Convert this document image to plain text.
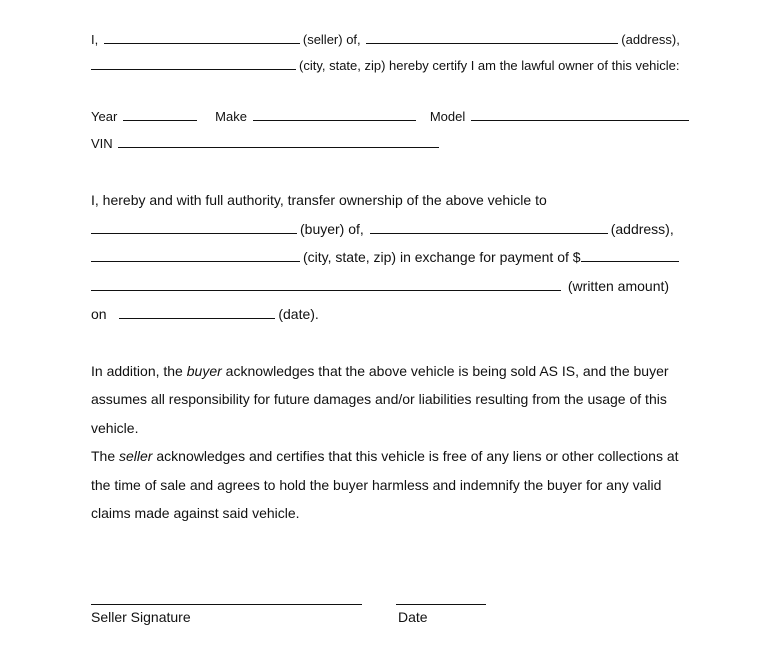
I,	(seller) of,	(address),
(city, state, zip) hereby certify I am the lawful owner of this vehicle:
Year	Make	Model
VIN
I, hereby and with full authority, transfer ownership of the above vehicle to
(buyer) of,	(address),
(city, state, zip) in exchange for payment of $
(written amount)
on	(date).
In addition, the buyer acknowledges that the above vehicle is being sold AS IS, and the buyer
assumes all responsibility for future damages and/or liabilities resulting from the usage of this
vehicle.
The seller acknowledges and certifies that this vehicle is free of any liens or other collections at
the time of sale and agrees to hold the buyer harmless and indemnify the buyer for any valid
claims made against said vehicle.
Seller Signature	Date
